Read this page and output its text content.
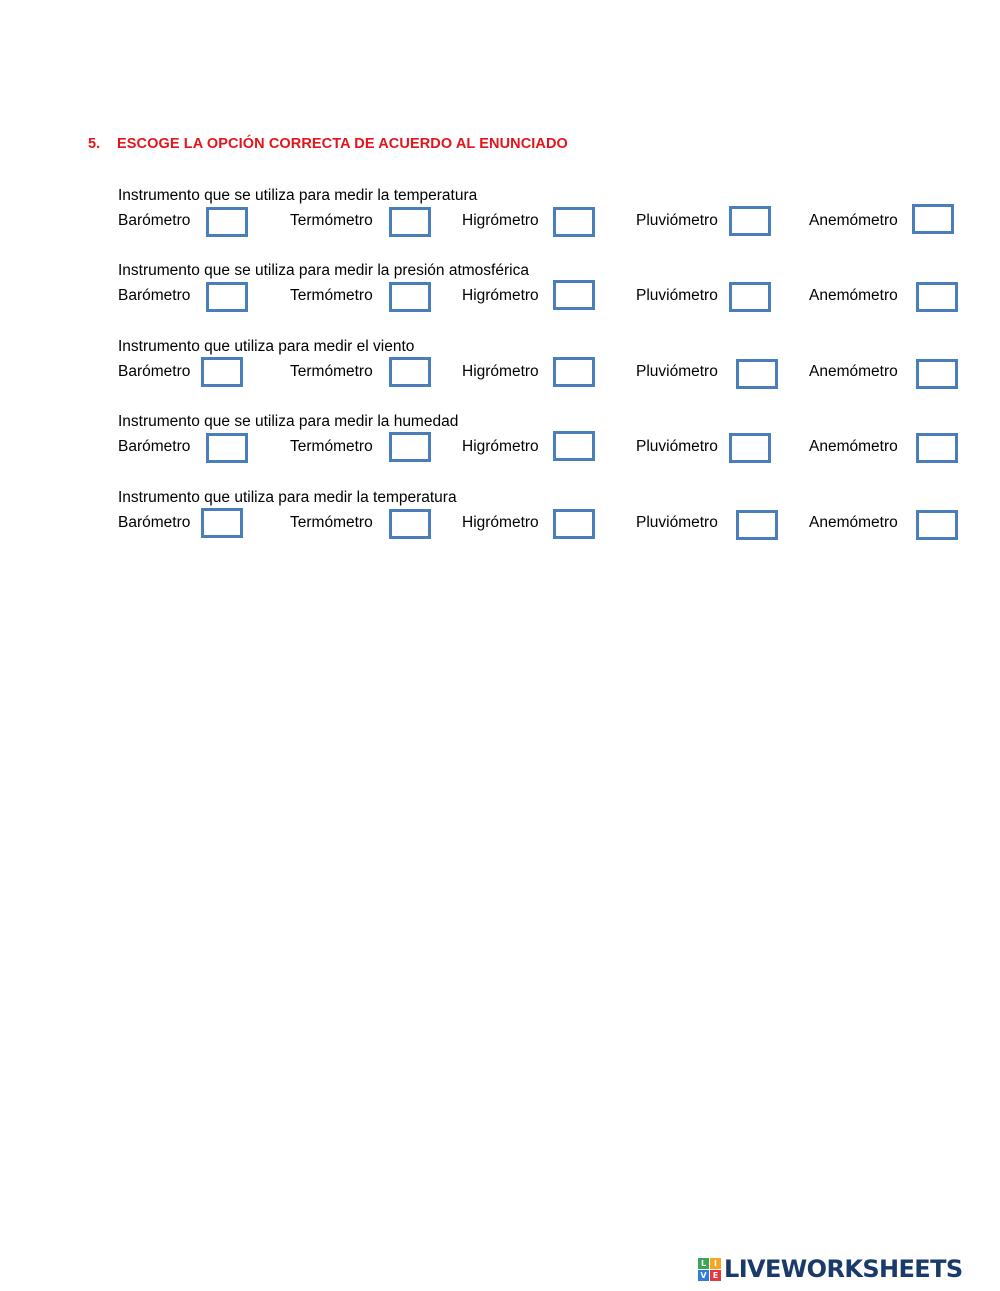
5. ESCOGE LA OPCIÓN CORRECTA DE ACUERDO AL ENUNCIADO
Instrumento que se utiliza para medir la temperatura
Barómetro	Termómetro	Higrómetro	Pluviómetro	Anemómetro
Instrumento que se utiliza para medir la presión atmosférica
Barómetro	Termómetro	Higrómetro	Pluviómetro	Anemómetro
Instrumento que utiliza para medir el viento
Barómetro	Termómetro	Higrómetro	Pluviómetro	Anemómetro
Instrumento que se utiliza para medir la humedad
Barómetro	Termómetro	Higrómetro	Pluviómetro	Anemómetro
Instrumento que utiliza para medir la temperatura
Barómetro	Termómetro	Higrómetro	Pluviómetro	Anemómetro
L I
V E LIVEWORKSHEETS
